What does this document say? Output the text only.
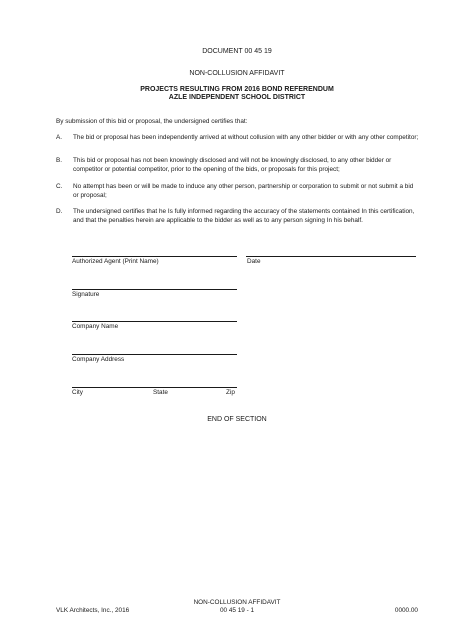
DOCUMENT 00 45 19
NON-COLLUSION AFFIDAVIT
PROJECTS RESULTING FROM 2016 BOND REFERENDUM
AZLE INDEPENDENT SCHOOL DISTRICT
By submission of this bid or proposal, the undersigned certifies that:
A. The bid or proposal has been independently arrived at without collusion with any other bidder or with any other competitor;
B. This bid or proposal has not been knowingly disclosed and will not be knowingly disclosed, to any other bidder or competitor or potential competitor, prior to the opening of the bids, or proposals for this project;
C. No attempt has been or will be made to induce any other person, partnership or corporation to submit or not submit a bid or proposal;
D. The undersigned certifies that he Is fully informed regarding the accuracy of the statements contained In this certification, and that the penalties herein are applicable to the bidder as well as to any person signing In his behalf.
Authorized Agent (Print Name)	Date
Signature
Company Name
Company Address
City	State	Zip
END OF SECTION
NON-COLLUSION AFFIDAVIT
VLK Architects, Inc., 2016	00 45 19 - 1	0000.00
